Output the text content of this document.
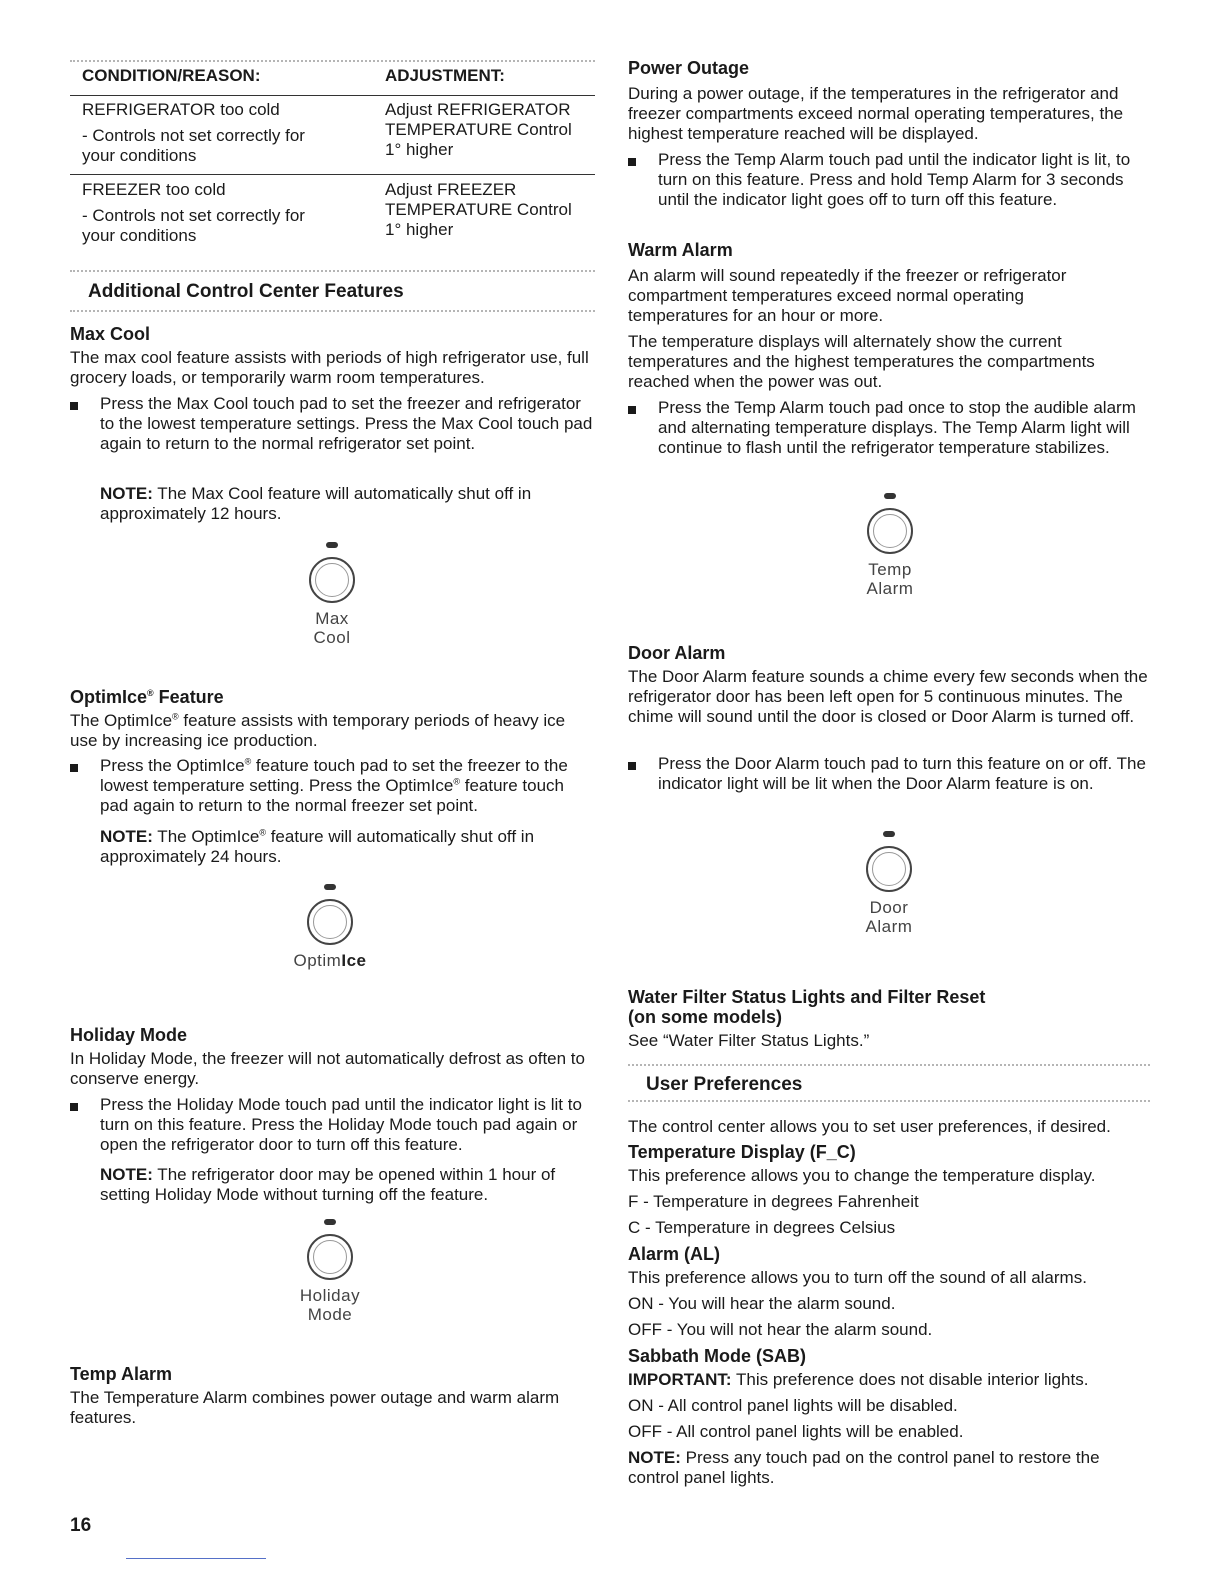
CONDITION/REASON:	ADJUSTMENT:
REFRIGERATOR too cold
- Controls not set correctly for
your conditions
Adjust REFRIGERATOR
TEMPERATURE Control
1° higher
FREEZER too cold
- Controls not set correctly for
your conditions
Adjust FREEZER
TEMPERATURE Control
1° higher
Additional Control Center Features
Max Cool

The max cool feature assists with periods of high refrigerator use, full grocery loads, or temporarily warm room temperatures.

Press the Max Cool touch pad to set the freezer and refrigerator to the lowest temperature settings. Press the Max Cool touch pad again to return to the normal refrigerator set point.

NOTE: The Max Cool feature will automatically shut off in approximately 12 hours.

Max
Cool
OptimIce® Feature

The OptimIce® feature assists with temporary periods of heavy ice use by increasing ice production.

Press the OptimIce® feature touch pad to set the freezer to the lowest temperature setting. Press the OptimIce® feature touch pad again to return to the normal freezer set point.

NOTE: The OptimIce® feature will automatically shut off in approximately 24 hours.

OptimIce
Holiday Mode

In Holiday Mode, the freezer will not automatically defrost as often to conserve energy.

Press the Holiday Mode touch pad until the indicator light is lit to turn on this feature. Press the Holiday Mode touch pad again or open the refrigerator door to turn off this feature.

NOTE: The refrigerator door may be opened within 1 hour of setting Holiday Mode without turning off the feature.

Holiday
Mode
Temp Alarm

The Temperature Alarm combines power outage and warm alarm features.

16
Power Outage

During a power outage, if the temperatures in the refrigerator and freezer compartments exceed normal operating temperatures, the highest temperature reached will be displayed.

Press the Temp Alarm touch pad until the indicator light is lit, to turn on this feature. Press and hold Temp Alarm for 3 seconds until the indicator light goes off to turn off this feature.

Warm Alarm

An alarm will sound repeatedly if the freezer or refrigerator compartment temperatures exceed normal operating temperatures for an hour or more.

The temperature displays will alternately show the current temperatures and the highest temperatures the compartments reached when the power was out.

Press the Temp Alarm touch pad once to stop the audible alarm and alternating temperature displays. The Temp Alarm light will continue to flash until the refrigerator temperature stabilizes.

Temp
Alarm
Door Alarm

The Door Alarm feature sounds a chime every few seconds when the refrigerator door has been left open for 5 continuous minutes. The chime will sound until the door is closed or Door Alarm is turned off.

Press the Door Alarm touch pad to turn this feature on or off. The indicator light will be lit when the Door Alarm feature is on.

Door
Alarm
Water Filter Status Lights and Filter Reset
(on some models)

See “Water Filter Status Lights.”

User Preferences

The control center allows you to set user preferences, if desired.

Temperature Display (F_C)

This preference allows you to change the temperature display.

F - Temperature in degrees Fahrenheit

C - Temperature in degrees Celsius

Alarm (AL)

This preference allows you to turn off the sound of all alarms.

ON - You will hear the alarm sound.

OFF - You will not hear the alarm sound.

Sabbath Mode (SAB)

IMPORTANT: This preference does not disable interior lights.

ON - All control panel lights will be disabled.

OFF - All control panel lights will be enabled.

NOTE: Press any touch pad on the control panel to restore the control panel lights.
